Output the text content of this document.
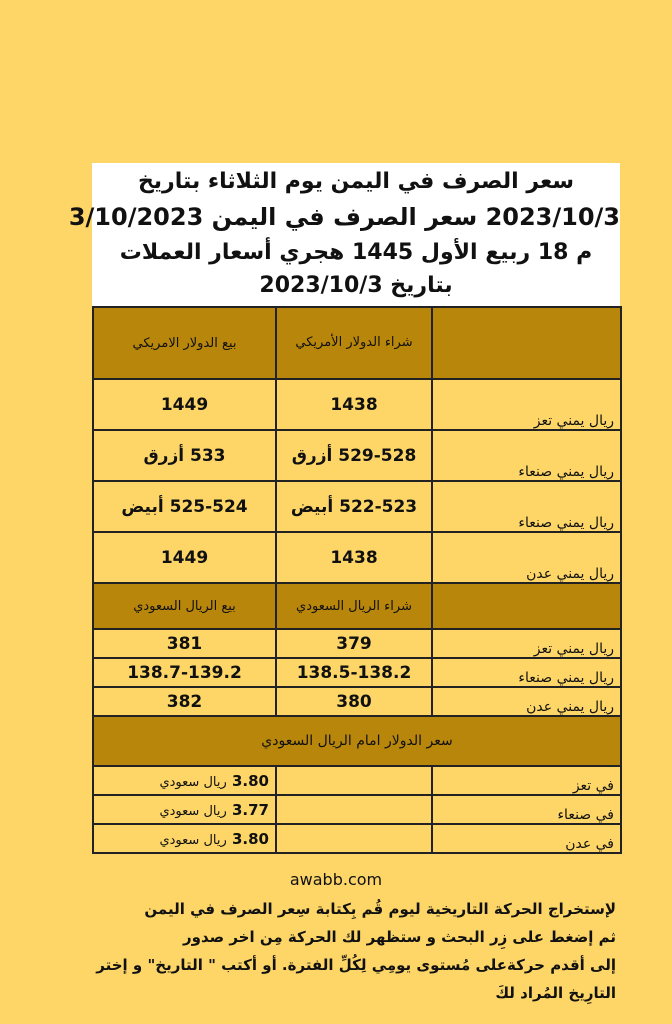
سعر الصرف في اليمن يوم الثلاثاء بتاريخ
2023/10/3 سعر الصرف في اليمن 3/10/2023
م 18 ربيع الأول 1445 هجري أسعار العملات
بتاريخ 2023/10/3
	شراء الدولار الأمريكي	بيع الدولار الامريكي
ريال يمني تعز	1438	1449
ريال يمني صنعاء	529-528 أزرق	533 أزرق
ريال يمني صنعاء	522-523 أبيض	525-524 أبيض
ريال يمني عدن	1438	1449
	شراء الريال السعودي	بيع الريال السعودي
ريال يمني تعز	379	381
ريال يمني صنعاء	138.5-138.2	138.7-139.2
ريال يمني عدن	380	382
سعر الدولار امام الريال السعودي		
في تعز		3.80 ريال سعودي
في صنعاء		3.77 ريال سعودي
في عدن		3.80 ريال سعودي
awabb.com
لإستخراج الحركة التاريخية ليوم قُم بِكتابة سِعر الصرف في اليمن
ثم إضغط على زِر البحث و ستظهر لك الحركة مِن اخر صدور
إلى أقدم حركةعلى مُستوى يومِي لِكُلِّ الفترة. أو أكتب " التاريخ" و إختر
التارِيخ المُراد لكَ
